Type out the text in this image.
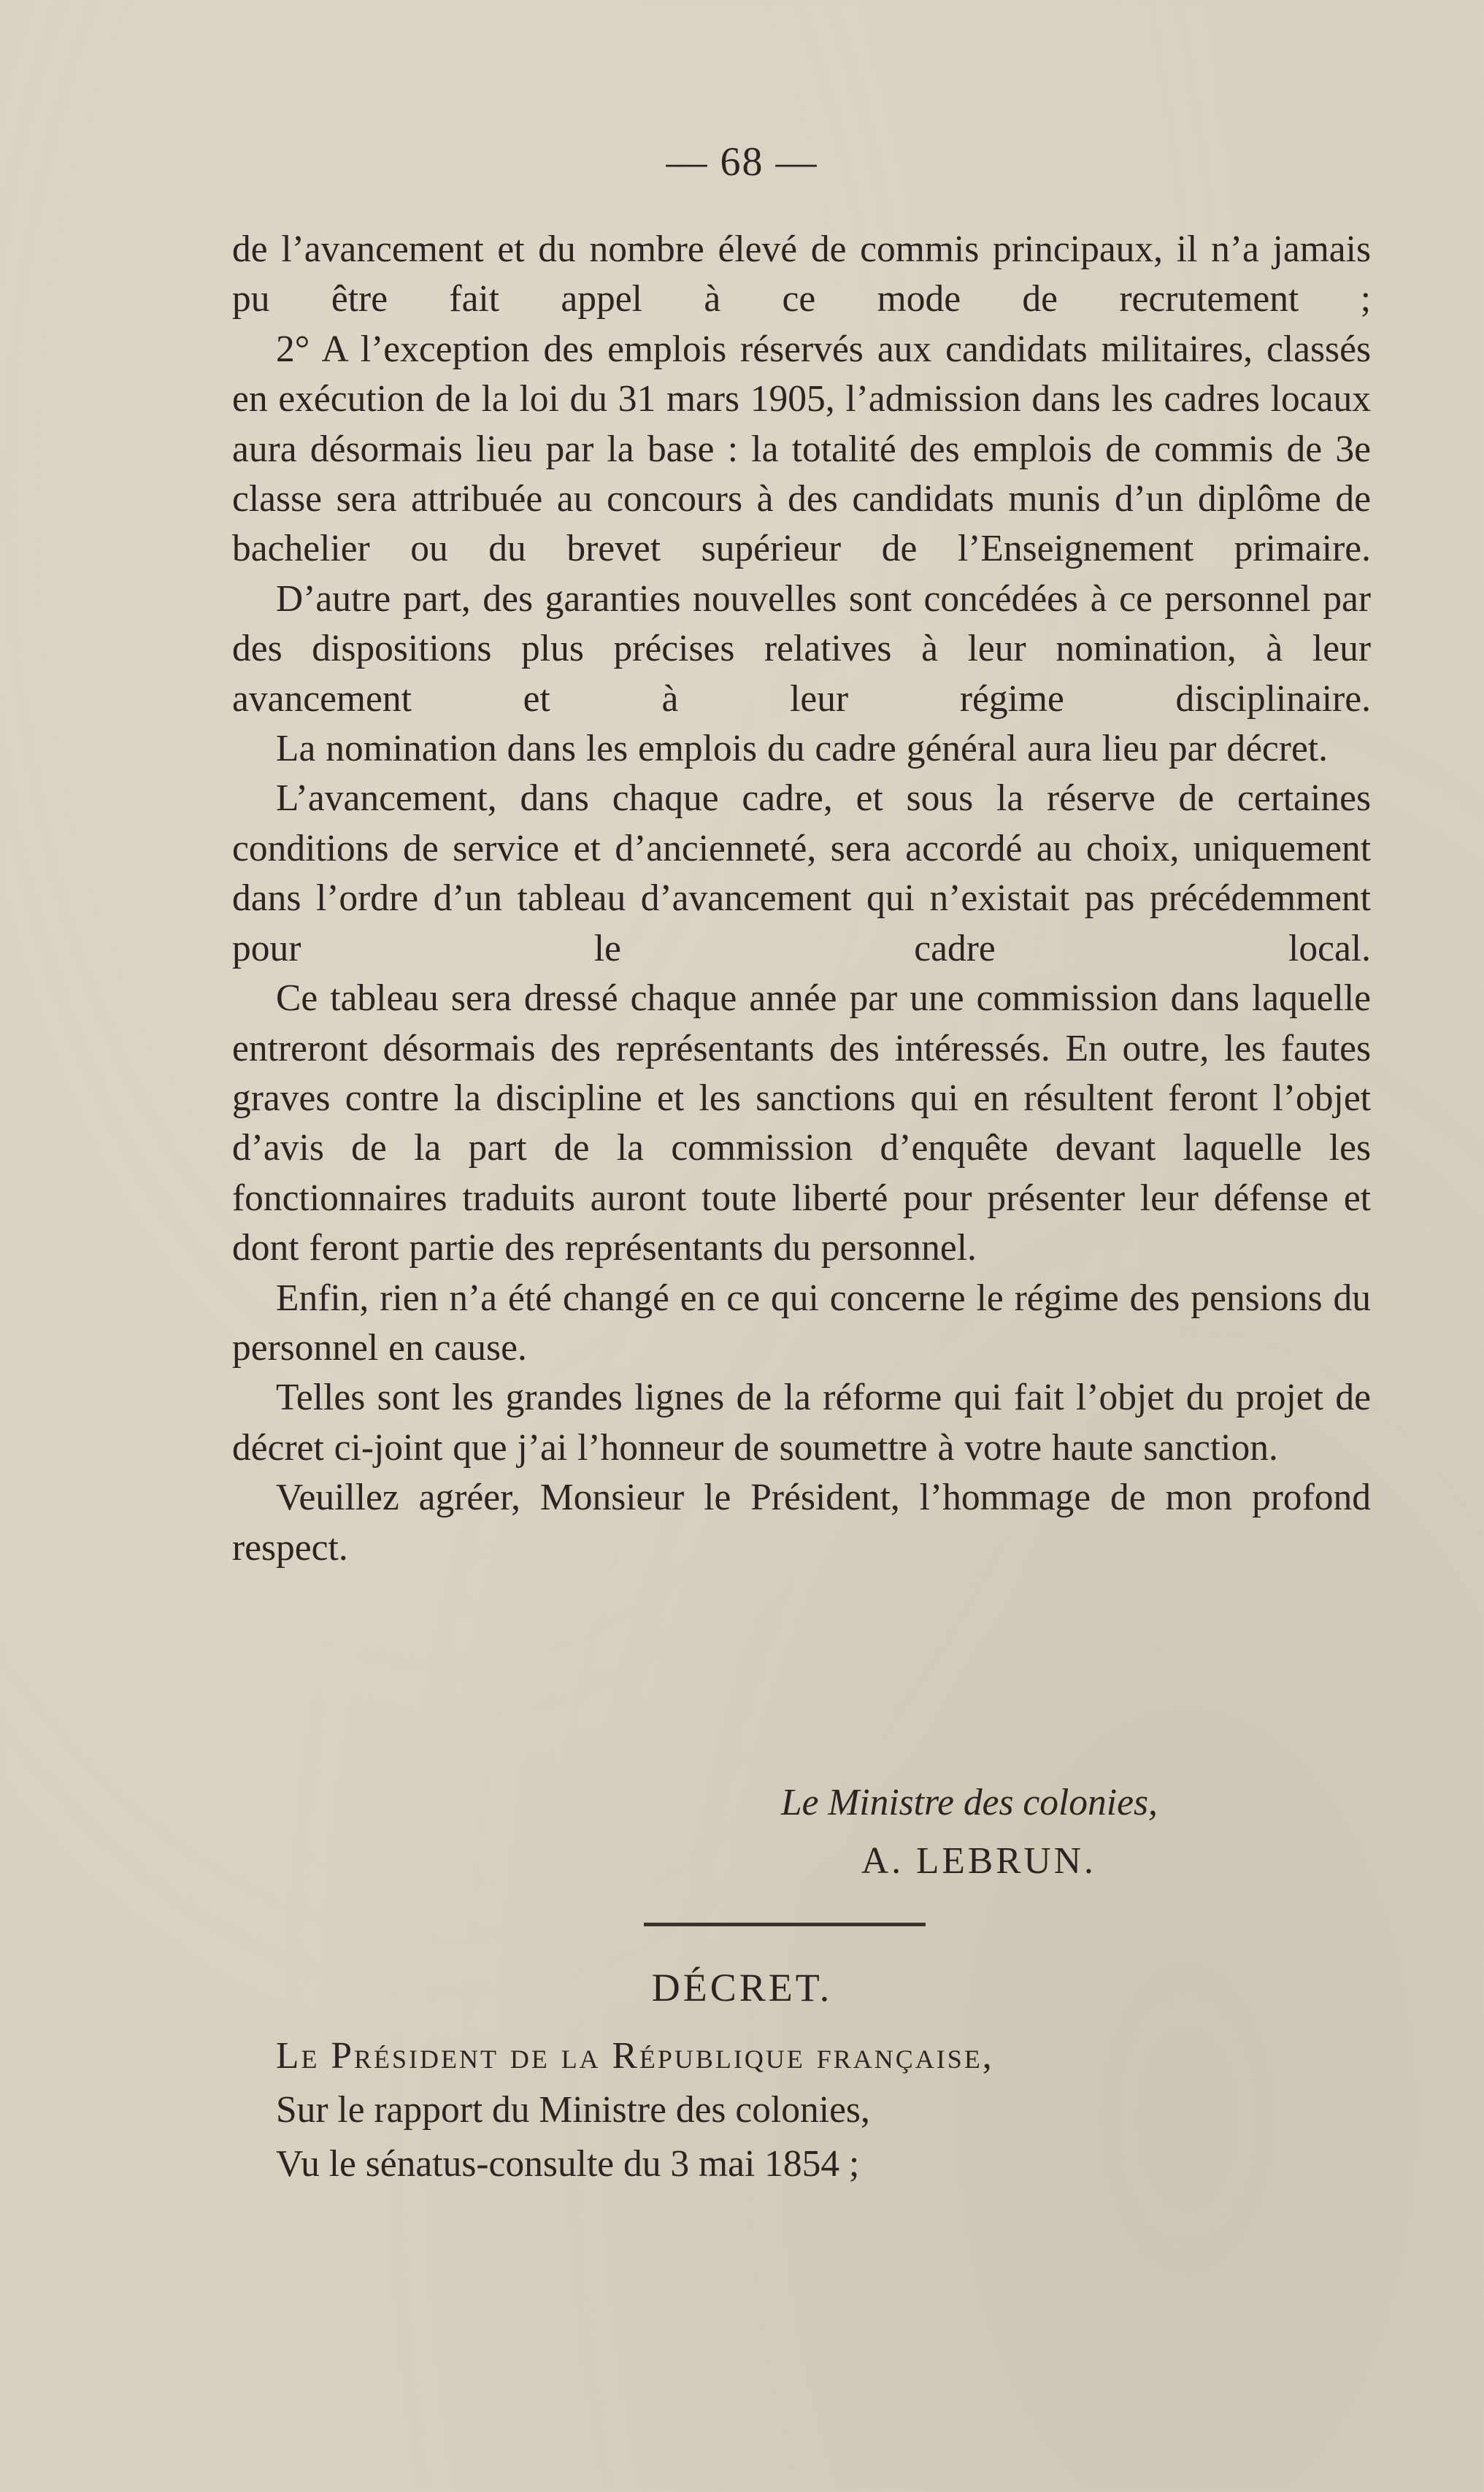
— 68 —

de l’avancement et du nombre élevé de commis principaux, il n’a jamais pu être fait appel à ce mode de recrutement ;

2° A l’exception des emplois réservés aux candidats militaires, classés en exécution de la loi du 31 mars 1905, l’admission dans les cadres locaux aura désormais lieu par la base : la totalité des emplois de commis de 3e classe sera attribuée au concours à des candidats munis d’un diplôme de bachelier ou du brevet supérieur de l’Enseignement primaire.

D’autre part, des garanties nouvelles sont concédées à ce personnel par des dispositions plus précises relatives à leur nomination, à leur avancement et à leur régime disciplinaire.

La nomination dans les emplois du cadre général aura lieu par décret.

L’avancement, dans chaque cadre, et sous la réserve de certaines conditions de service et d’ancienneté, sera accordé au choix, uniquement dans l’ordre d’un tableau d’avancement qui n’existait pas précédemment pour le cadre local.

Ce tableau sera dressé chaque année par une commission dans laquelle entreront désormais des représentants des intéressés. En outre, les fautes graves contre la discipline et les sanctions qui en résultent feront l’objet d’avis de la part de la commission d’enquête devant laquelle les fonctionnaires traduits auront toute liberté pour présenter leur défense et dont feront partie des représentants du personnel.

Enfin, rien n’a été changé en ce qui concerne le régime des pensions du personnel en cause.

Telles sont les grandes lignes de la réforme qui fait l’objet du projet de décret ci-joint que j’ai l’honneur de soumettre à votre haute sanction.

Veuillez agréer, Monsieur le Président, l’hommage de mon profond respect.

Le Ministre des colonies,
A. LEBRUN.
DÉCRET.
Le Président de la République française,
Sur le rapport du Ministre des colonies,
Vu le sénatus-consulte du 3 mai 1854 ;
